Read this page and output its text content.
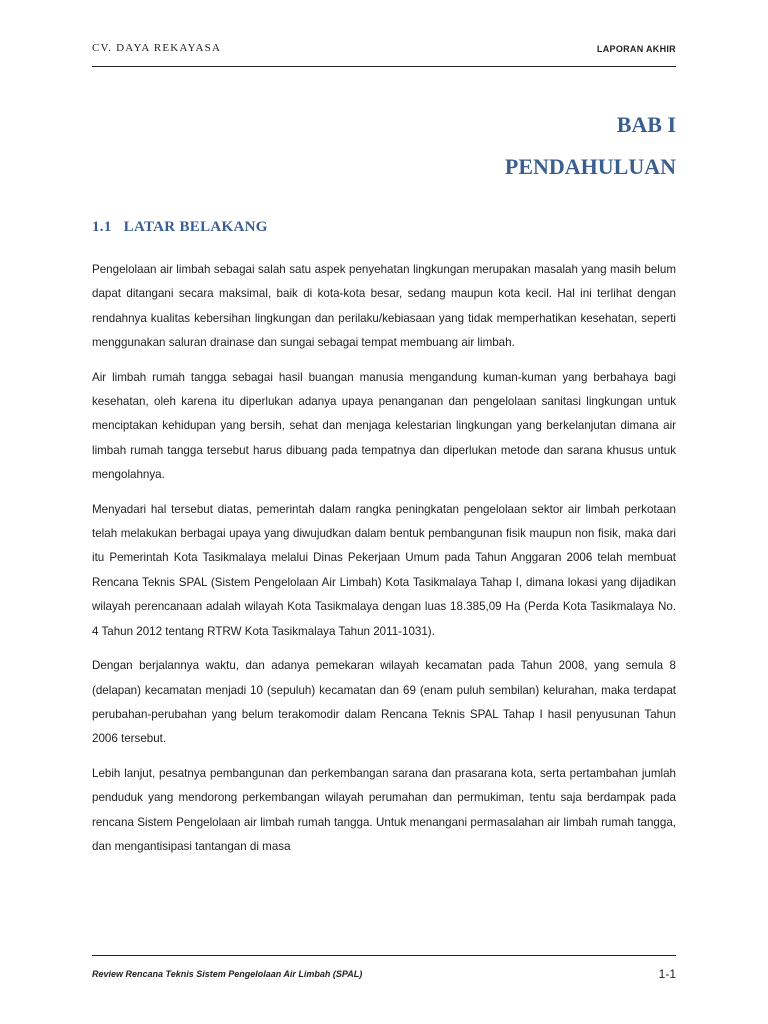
CV. DAYA REKAYASA	LAPORAN AKHIR
BAB I
PENDAHULUAN
1.1 LATAR BELAKANG

Pengelolaan air limbah sebagai salah satu aspek penyehatan lingkungan merupakan masalah yang masih belum dapat ditangani secara maksimal, baik di kota-kota besar, sedang maupun kota kecil. Hal ini terlihat dengan rendahnya kualitas kebersihan lingkungan dan perilaku/kebiasaan yang tidak memperhatikan kesehatan, seperti menggunakan saluran drainase dan sungai sebagai tempat membuang air limbah.

Air limbah rumah tangga sebagai hasil buangan manusia mengandung kuman-kuman yang berbahaya bagi kesehatan, oleh karena itu diperlukan adanya upaya penanganan dan pengelolaan sanitasi lingkungan untuk menciptakan kehidupan yang bersih, sehat dan menjaga kelestarian lingkungan yang berkelanjutan dimana air limbah rumah tangga tersebut harus dibuang pada tempatnya dan diperlukan metode dan sarana khusus untuk mengolahnya.

Menyadari hal tersebut diatas, pemerintah dalam rangka peningkatan pengelolaan sektor air limbah perkotaan telah melakukan berbagai upaya yang diwujudkan dalam bentuk pembangunan fisik maupun non fisik, maka dari itu Pemerintah Kota Tasikmalaya melalui Dinas Pekerjaan Umum pada Tahun Anggaran 2006 telah membuat Rencana Teknis SPAL (Sistem Pengelolaan Air Limbah) Kota Tasikmalaya Tahap I, dimana lokasi yang dijadikan wilayah perencanaan adalah wilayah Kota Tasikmalaya dengan luas 18.385,09 Ha (Perda Kota Tasikmalaya No. 4 Tahun 2012 tentang RTRW Kota Tasikmalaya Tahun 2011-1031).

Dengan berjalannya waktu, dan adanya pemekaran wilayah kecamatan pada Tahun 2008, yang semula 8 (delapan) kecamatan menjadi 10 (sepuluh) kecamatan dan 69 (enam puluh sembilan) kelurahan, maka terdapat perubahan-perubahan yang belum terakomodir dalam Rencana Teknis SPAL Tahap I hasil penyusunan Tahun 2006 tersebut.

Lebih lanjut, pesatnya pembangunan dan perkembangan sarana dan prasarana kota, serta pertambahan jumlah penduduk yang mendorong perkembangan wilayah perumahan dan permukiman, tentu saja berdampak pada rencana Sistem Pengelolaan air limbah rumah tangga. Untuk menangani permasalahan air limbah rumah tangga, dan mengantisipasi tantangan di masa

Review Rencana Teknis Sistem Pengelolaan Air Limbah (SPAL)	1-1
